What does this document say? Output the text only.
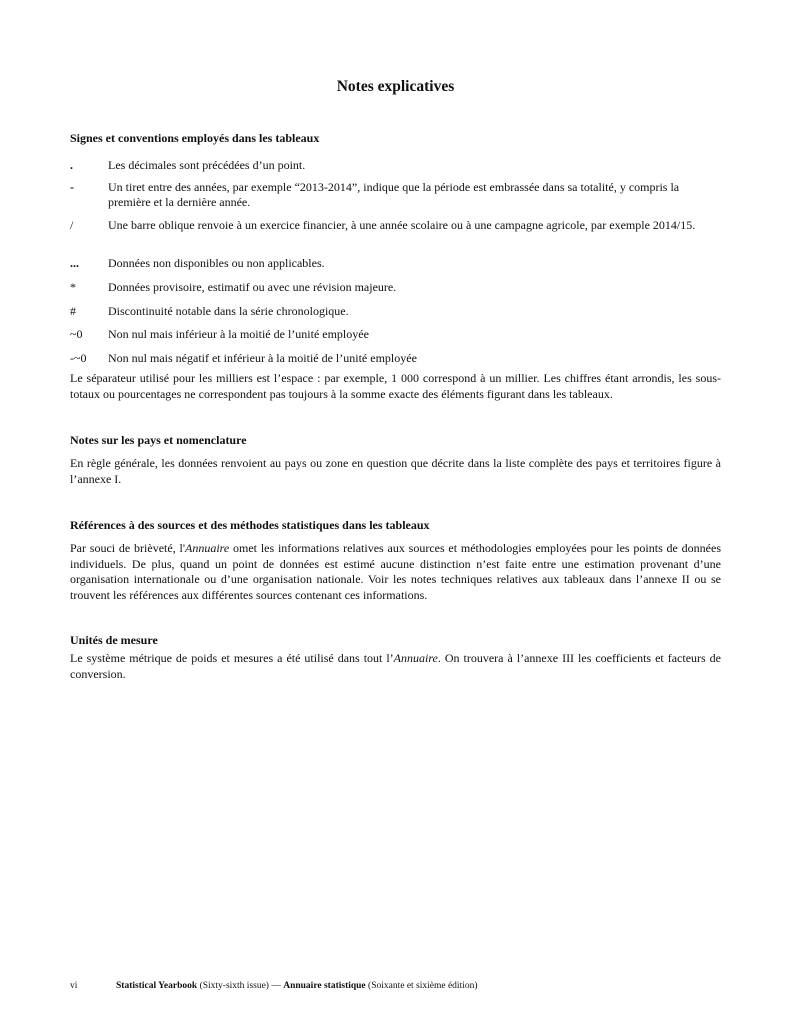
Notes explicatives
Signes et conventions employés dans les tableaux
.	Les décimales sont précédées d’un point.
-	Un tiret entre des années, par exemple “2013-2014”, indique que la période est embrassée dans sa totalité, y compris la première et la dernière année.
/	Une barre oblique renvoie à un exercice financier, à une année scolaire ou à une campagne agricole, par exemple 2014/15.
... Données non disponibles ou non applicables.
*	Données provisoire, estimatif ou avec une révision majeure.
#	Discontinuité notable dans la série chronologique.
~0 Non nul mais inférieur à la moitié de l’unité employée
-~0 Non nul mais négatif et inférieur à la moitié de l’unité employée
Le séparateur utilisé pour les milliers est l’espace : par exemple, 1 000 correspond à un millier. Les chiffres étant arrondis, les sous-totaux ou pourcentages ne correspondent pas toujours à la somme exacte des éléments figurant dans les tableaux.
Notes sur les pays et nomenclature
En règle générale, les données renvoient au pays ou zone en question que décrite dans la liste complète des pays et territoires figure à l’annexe I.
Références à des sources et des méthodes statistiques dans les tableaux
Par souci de brièveté, l'Annuaire omet les informations relatives aux sources et méthodologies employées pour les points de données individuels. De plus, quand un point de données est estimé aucune distinction n’est faite entre une estimation provenant d’une organisation internationale ou d’une organisation nationale. Voir les notes techniques relatives aux tableaux dans l’annexe II ou se trouvent les références aux différentes sources contenant ces informations.
Unités de mesure
Le système métrique de poids et mesures a été utilisé dans tout l’Annuaire. On trouvera à l’annexe III les coefficients et facteurs de conversion.
vi	Statistical Yearbook (Sixty-sixth issue) — Annuaire statistique (Soixante et sixième édition)
